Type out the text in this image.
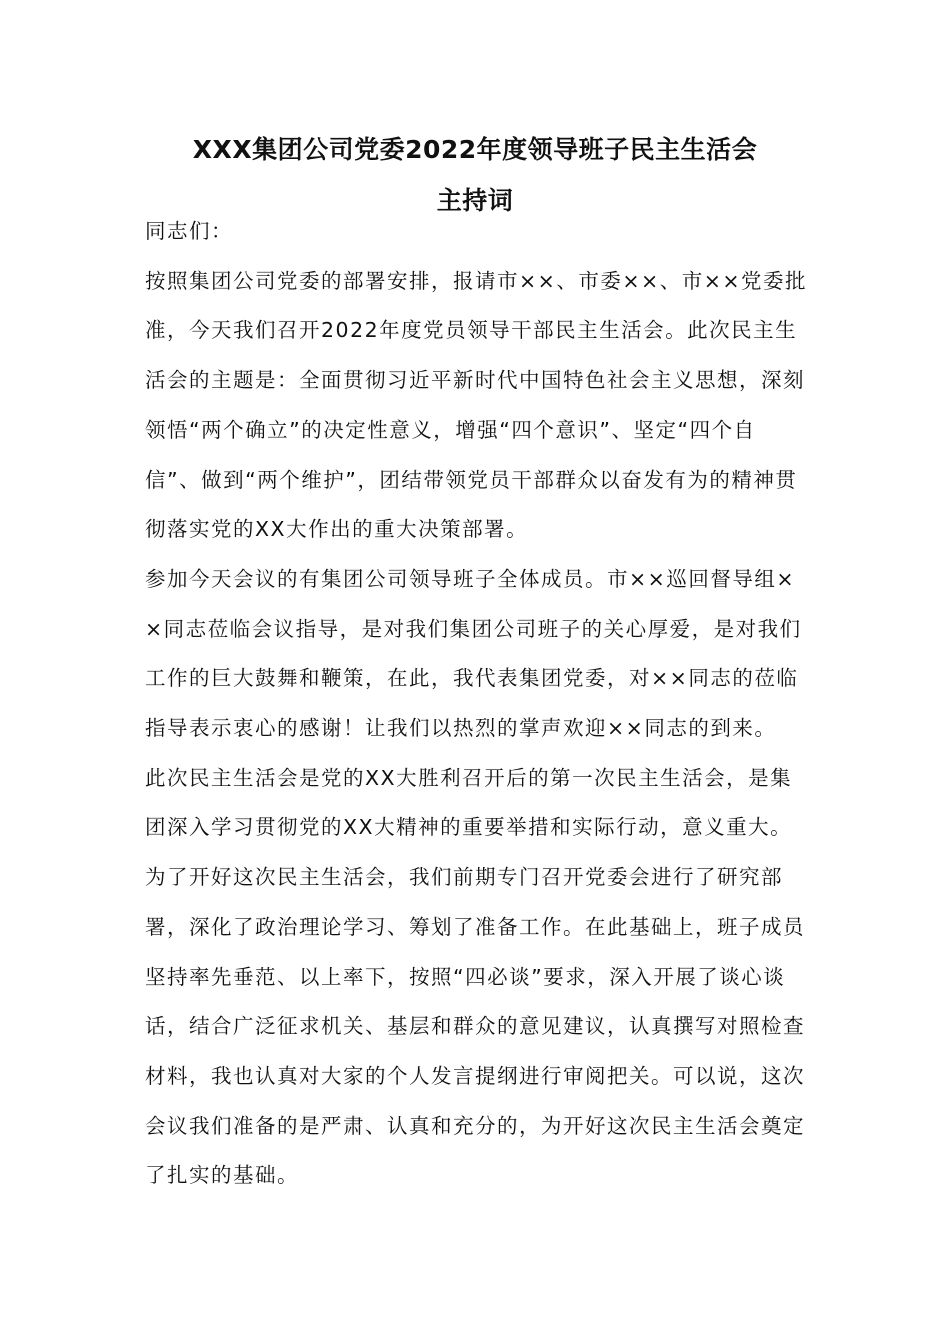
XXX集团公司党委2022年度领导班子民主生活会
主持词

同志们：

按照集团公司党委的部署安排，报请市××、市委××、市××党委批准，今天我们召开2022年度党员领导干部民主生活会。此次民主生活会的主题是：全面贯彻习近平新时代中国特色社会主义思想，深刻领悟“两个确立”的决定性意义，增强“四个意识”、坚定“四个自信”、做到“两个维护”，团结带领党员干部群众以奋发有为的精神贯彻落实党的XX大作出的重大决策部署。

参加今天会议的有集团公司领导班子全体成员。市××巡回督导组××同志莅临会议指导，是对我们集团公司班子的关心厚爱，是对我们工作的巨大鼓舞和鞭策，在此，我代表集团党委，对××同志的莅临指导表示衷心的感谢！让我们以热烈的掌声欢迎××同志的到来。

此次民主生活会是党的XX大胜利召开后的第一次民主生活会，是集团深入学习贯彻党的XX大精神的重要举措和实际行动，意义重大。为了开好这次民主生活会，我们前期专门召开党委会进行了研究部署，深化了政治理论学习、筹划了准备工作。在此基础上，班子成员坚持率先垂范、以上率下，按照“四必谈”要求，深入开展了谈心谈话，结合广泛征求机关、基层和群众的意见建议，认真撰写对照检查材料，我也认真对大家的个人发言提纲进行审阅把关。可以说，这次会议我们准备的是严肃、认真和充分的，为开好这次民主生活会奠定了扎实的基础。
